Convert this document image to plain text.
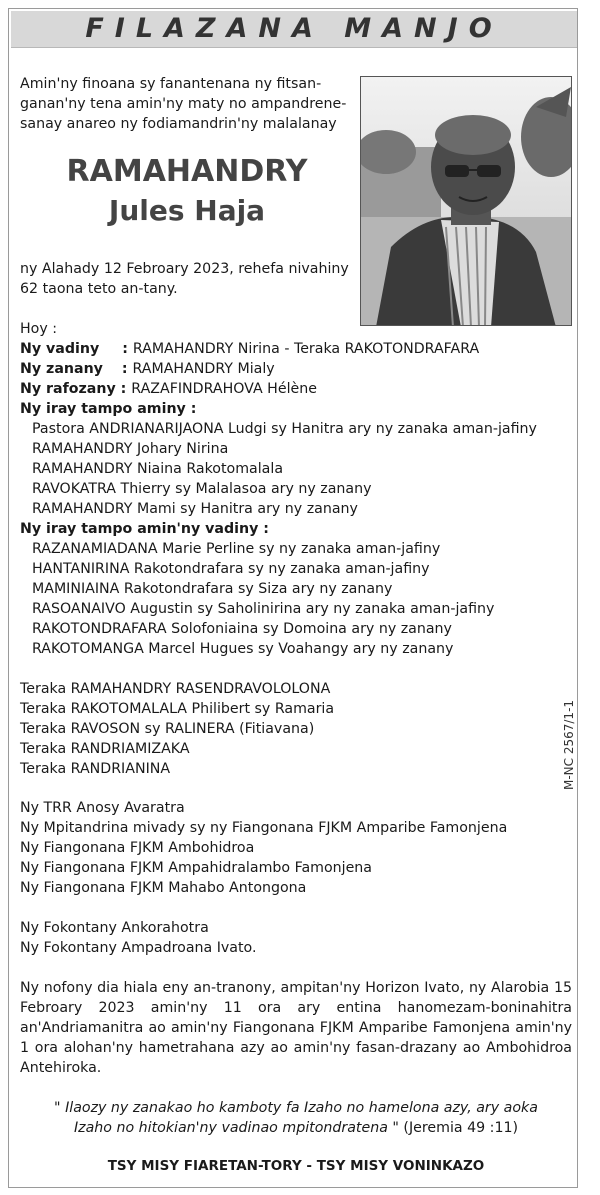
FILAZANA MANJO
Amin'ny finoana sy fanantenana ny fitsan-
ganan'ny tena amin'ny maty no ampandrene-
sanay anareo ny fodiamandrin'ny malalanay
RAMAHANDRY
Jules Haja
ny Alahady 12 Febroary 2023, rehefa nivahiny
62 taona teto an-tany.
Hoy :
Ny vadiny : RAMAHANDRY Nirina - Teraka RAKOTONDRAFARA
Ny zanany : RAMAHANDRY Mialy
Ny rafozany : RAZAFINDRAHOVA Hélène
Ny iray tampo aminy :
Pastora ANDRIANARIJAONA Ludgi sy Hanitra ary ny zanaka aman-jafiny
RAMAHANDRY Johary Nirina
RAMAHANDRY Niaina Rakotomalala
RAVOKATRA Thierry sy Malalasoa ary ny zanany
RAMAHANDRY Mami sy Hanitra ary ny zanany
Ny iray tampo amin'ny vadiny :
RAZANAMIADANA Marie Perline sy ny zanaka aman-jafiny
HANTANIRINA Rakotondrafara sy ny zanaka aman-jafiny
MAMINIAINA Rakotondrafara sy Siza ary ny zanany
RASOANAIVO Augustin sy Saholinirina ary ny zanaka aman-jafiny
RAKOTONDRAFARA Solofoniaina sy Domoina ary ny zanany
RAKOTOMANGA Marcel Hugues sy Voahangy ary ny zanany
Teraka RAMAHANDRY RASENDRAVOLOLONA
Teraka RAKOTOMALALA Philibert sy Ramaria
Teraka RAVOSON sy RALINERA (Fitiavana)
Teraka RANDRIAMIZAKA
Teraka RANDRIANINA	M-NC 2567/1-1
Ny TRR Anosy Avaratra
Ny Mpitandrina mivady sy ny Fiangonana FJKM Amparibe Famonjena
Ny Fiangonana FJKM Ambohidroa
Ny Fiangonana FJKM Ampahidralambo Famonjena
Ny Fiangonana FJKM Mahabo Antongona
Ny Fokontany Ankorahotra
Ny Fokontany Ampadroana Ivato.
Ny nofony dia hiala eny an-tranony, ampitan'ny Horizon Ivato, ny Alarobia 15 Febroary 2023 amin'ny 11 ora ary entina hanomezam-boninahitra an'Andriamanitra ao amin'ny Fiangonana FJKM Amparibe Famonjena amin'ny 1 ora alohan'ny hametrahana azy ao amin'ny fasan-drazany ao Ambohidroa Antehiroka.
" Ilaozy ny zanakao ho kamboty fa Izaho no hamelona azy, ary aoka
Izaho no hitokian'ny vadinao mpitondratena " (Jeremia 49 :11)
TSY MISY FIARETAN-TORY - TSY MISY VONINKAZO
